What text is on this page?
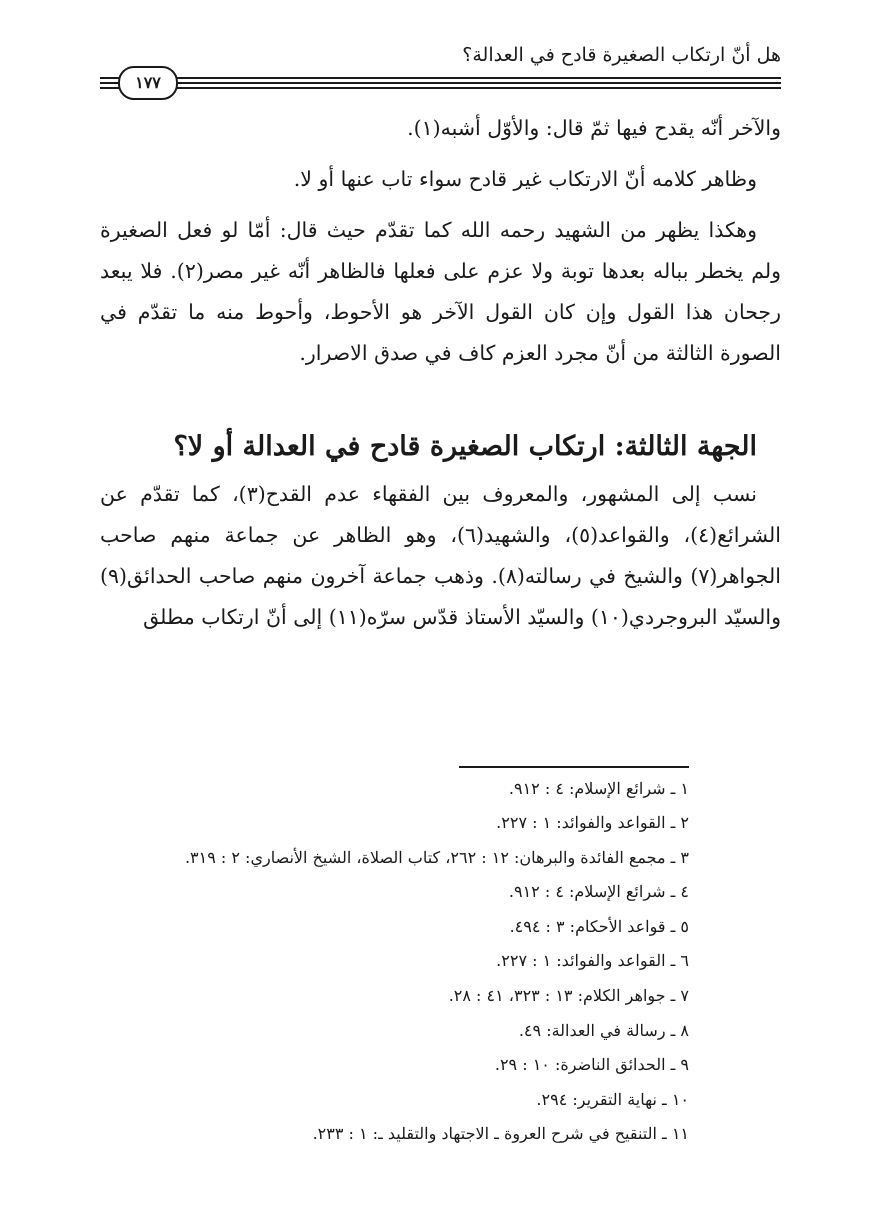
هل أنّ ارتكاب الصغيرة قادح في العدالة؟
١٧٧

والآخر أنّه يقدح فيها ثمّ قال: والأوّل أشبه(١).

وظاهر كلامه أنّ الارتكاب غير قادح سواء تاب عنها أو لا.

وهكذا يظهر من الشهيد رحمه الله كما تقدّم حيث قال: أمّا لو فعل الصغيرة ولم يخطر بباله بعدها توبة ولا عزم على فعلها فالظاهر أنّه غير مصر(٢). فلا يبعد رجحان هذا القول وإن كان القول الآخر هو الأحوط، وأحوط منه ما تقدّم في الصورة الثالثة من أنّ مجرد العزم كاف في صدق الاصرار.

الجهة الثالثة: ارتكاب الصغيرة قادح في العدالة أو لا؟

نسب إلى المشهور، والمعروف بين الفقهاء عدم القدح(٣)، كما تقدّم عن الشرائع(٤)، والقواعد(٥)، والشهيد(٦)، وهو الظاهر عن جماعة منهم صاحب الجواهر(٧) والشيخ في رسالته(٨). وذهب جماعة آخرون منهم صاحب الحدائق(٩) والسيّد البروجردي(١٠) والسيّد الأستاذ قدّس سرّه(١١) إلى أنّ ارتكاب مطلق

١ ـ شرائع الإسلام: ٤ : ٩١٢.
٢ ـ القواعد والفوائد: ١ : ٢٢٧.
٣ ـ مجمع الفائدة والبرهان: ١٢ : ٢٦٢، كتاب الصلاة، الشيخ الأنصاري: ٢ : ٣١٩.
٤ ـ شرائع الإسلام: ٤ : ٩١٢.
٥ ـ قواعد الأحكام: ٣ : ٤٩٤.
٦ ـ القواعد والفوائد: ١ : ٢٢٧.
٧ ـ جواهر الكلام: ١٣ : ٣٢٣، ٤١ : ٢٨.
٨ ـ رسالة في العدالة: ٤٩.
٩ ـ الحدائق الناضرة: ١٠ : ٢٩.
١٠ ـ نهاية التقرير: ٢٩٤.
١١ ـ التنقيح في شرح العروة ـ الاجتهاد والتقليد ـ: ١ : ٢٣٣.
